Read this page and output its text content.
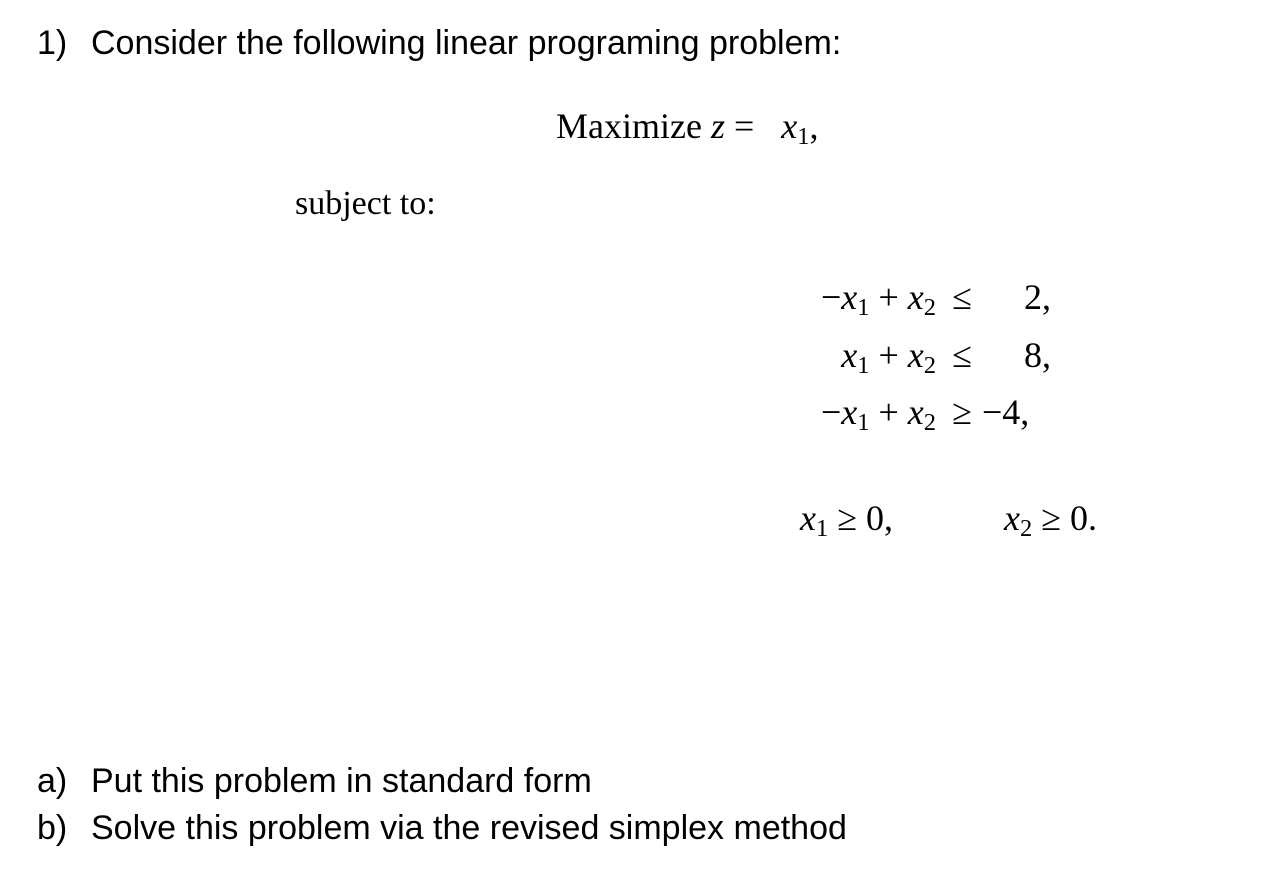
1) Consider the following linear programing problem:
Maximize $z = x_1$,
subject to:
$-x_1 + x_2 \le 2$,
$x_1 + x_2 \le 8$,
$-x_1 + x_2 \ge -4$,
$x_1 \ge 0$,	$x_2 \ge 0$.
a) Put this problem in standard form
b) Solve this problem via the revised simplex method
